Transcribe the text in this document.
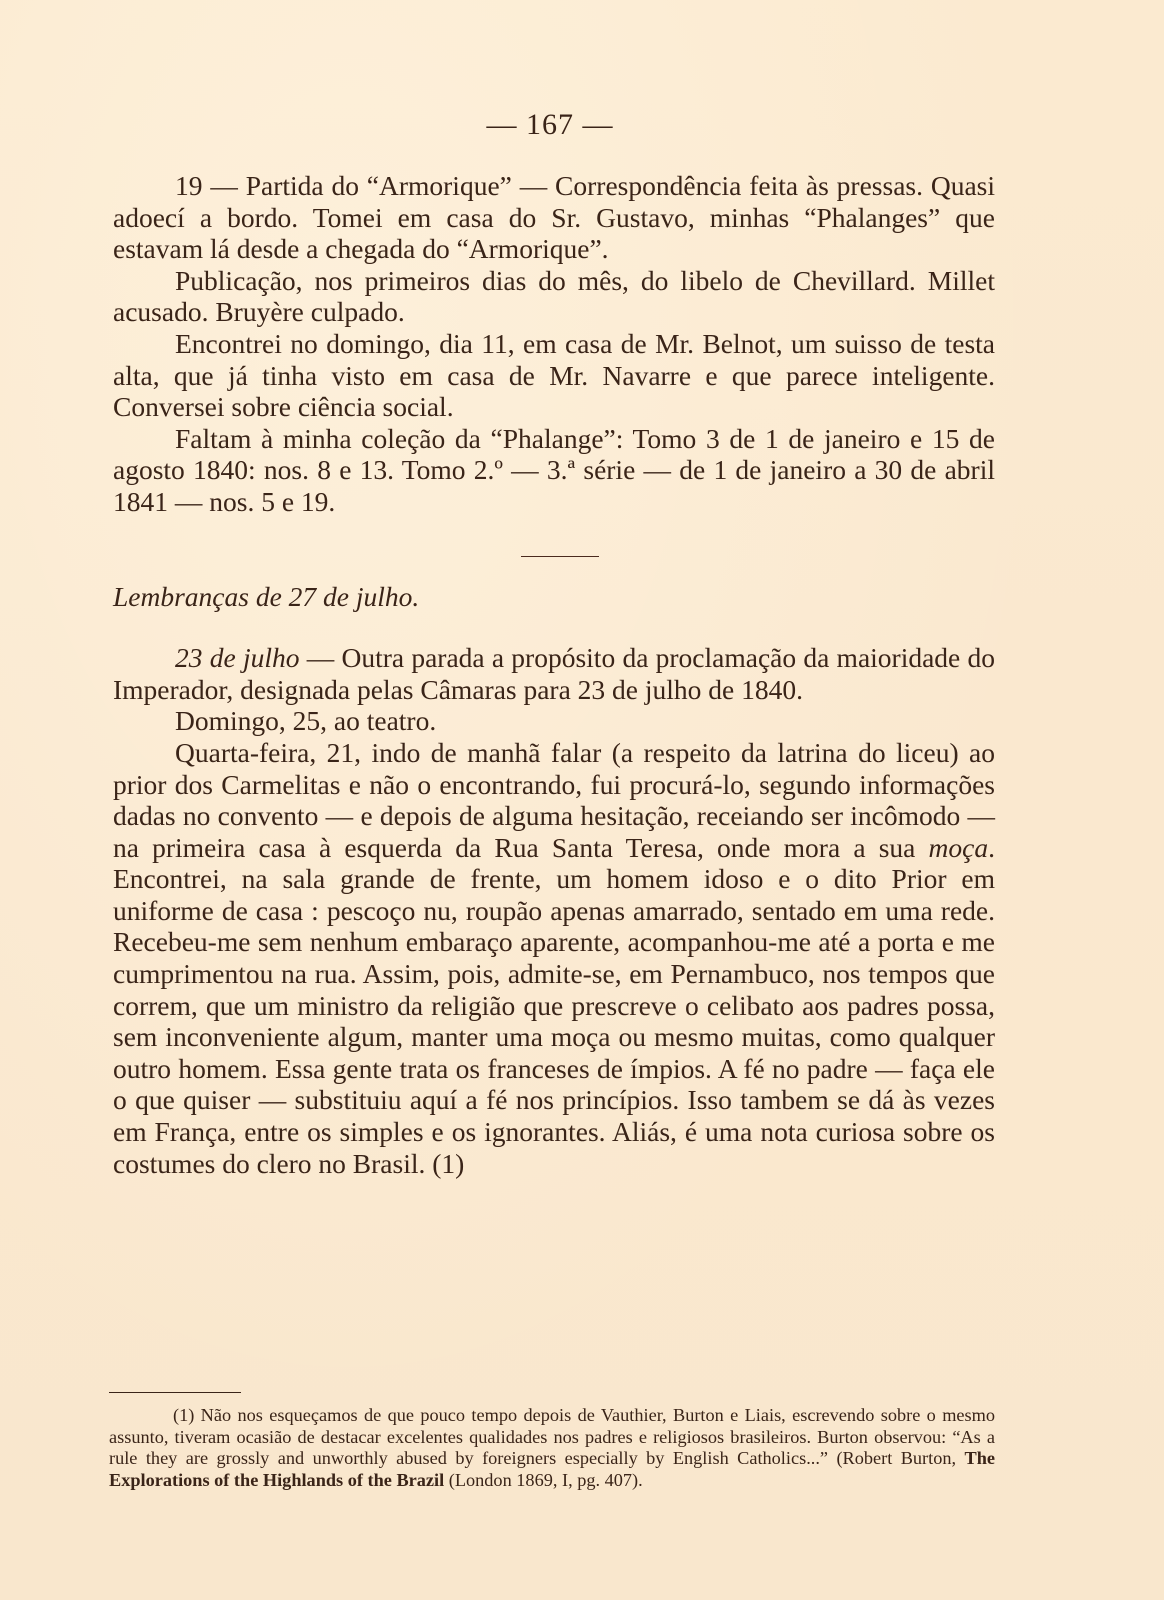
— 167 —

19 — Partida do “Armorique” — Correspondência feita às pressas. Quasi adoecí a bordo. Tomei em casa do Sr. Gustavo, minhas “Phalanges” que estavam lá desde a chegada do “Armorique”.

Publicação, nos primeiros dias do mês, do libelo de Chevillard. Millet acusado. Bruyère culpado.

Encontrei no domingo, dia 11, em casa de Mr. Belnot, um suisso de testa alta, que já tinha visto em casa de Mr. Navarre e que parece inteligente. Conversei sobre ciência social.

Faltam à minha coleção da “Phalange”: Tomo 3 de 1 de janeiro e 15 de agosto 1840: nos. 8 e 13. Tomo 2.º — 3.ª série — de 1 de janeiro a 30 de abril 1841 — nos. 5 e 19.

Lembranças de 27 de julho.

23 de julho — Outra parada a propósito da proclamação da maioridade do Imperador, designada pelas Câmaras para 23 de julho de 1840.

Domingo, 25, ao teatro.

Quarta-feira, 21, indo de manhã falar (a respeito da latrina do liceu) ao prior dos Carmelitas e não o encontrando, fui procurá-lo, segundo informações dadas no convento — e depois de alguma hesitação, receiando ser incômodo — na primeira casa à esquerda da Rua Santa Teresa, onde mora a sua moça. Encontrei, na sala grande de frente, um homem idoso e o dito Prior em uniforme de casa : pescoço nu, roupão apenas amarrado, sentado em uma rede. Recebeu-me sem nenhum embaraço aparente, acompanhou-me até a porta e me cumprimentou na rua. Assim, pois, admite-se, em Pernambuco, nos tempos que correm, que um ministro da religião que prescreve o celibato aos padres possa, sem inconveniente algum, manter uma moça ou mesmo muitas, como qualquer outro homem. Essa gente trata os franceses de ímpios. A fé no padre — faça ele o que quiser — substituiu aquí a fé nos princípios. Isso tambem se dá às vezes em França, entre os simples e os ignorantes. Aliás, é uma nota curiosa sobre os costumes do clero no Brasil. (1)

(1) Não nos esqueçamos de que pouco tempo depois de Vauthier, Burton e Liais, escrevendo sobre o mesmo assunto, tiveram ocasião de destacar excelentes qualidades nos padres e religiosos brasileiros. Burton observou: “As a rule they are grossly and unworthly abused by foreigners especially by English Catholics...” (Robert Burton, The Explorations of the Highlands of the Brazil (London 1869, I, pg. 407).
